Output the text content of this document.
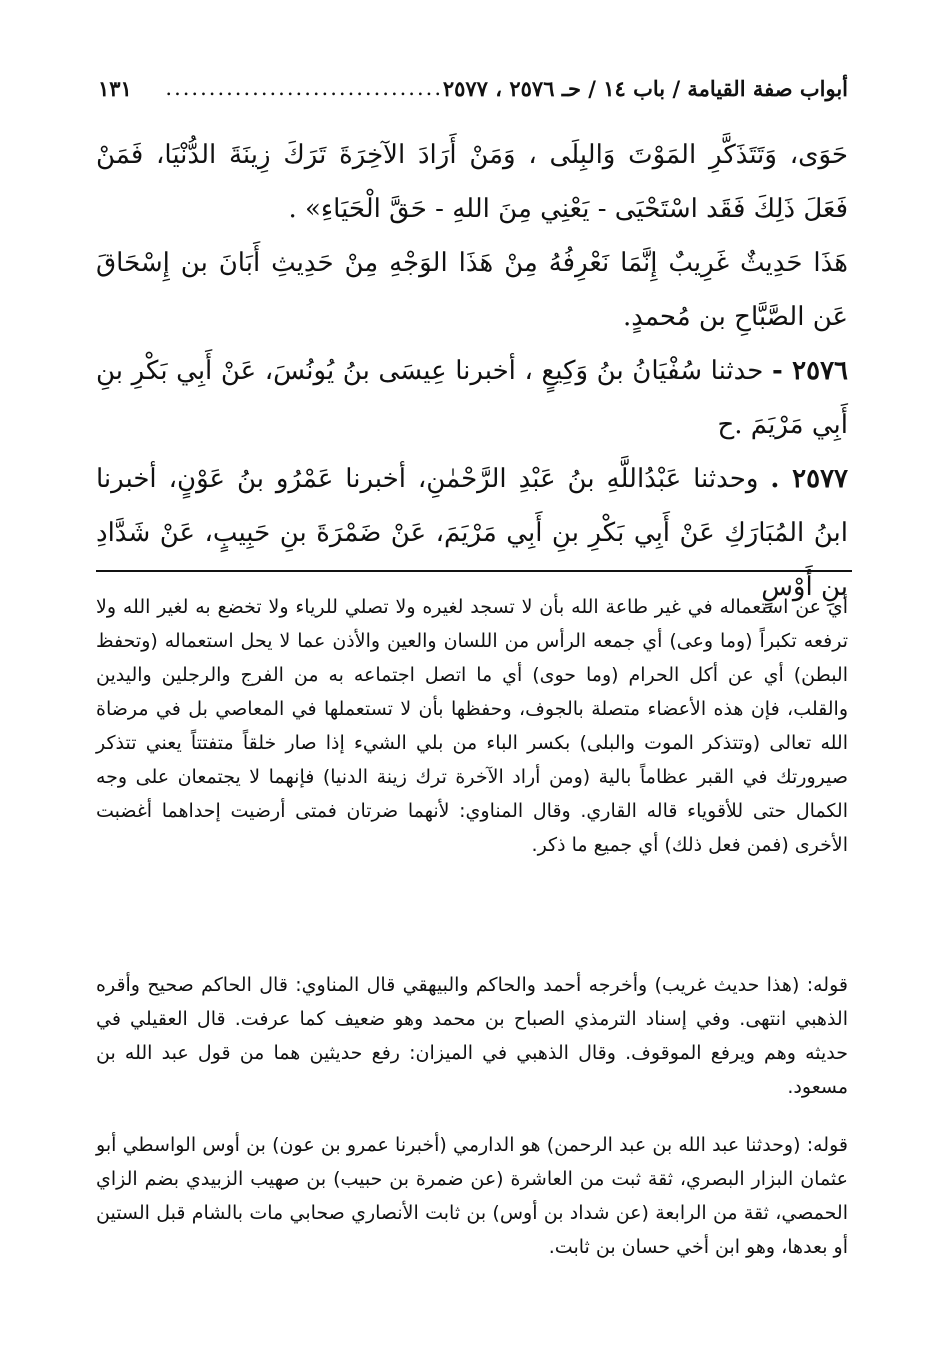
أبواب صفة القيامة / باب ١٤ / حـ ٢٥٧٦ ، ٢٥٧٧
................................
١٣١

حَوَى، وَتَتَذَكَّرِ المَوْتَ وَالبِلَى ، وَمَنْ أَرَادَ الآخِرَةَ تَرَكَ زِينَةَ الدُّنْيَا، فَمَنْ فَعَلَ ذَلِكَ فَقَد اسْتَحْيَى - يَعْنِي مِنَ اللهِ - حَقَّ الْحَيَاءِ» .

هَذَا حَدِيثٌ غَرِيبٌ إِنَّمَا نَعْرِفُهُ مِنْ هَذَا الوَجْهِ مِنْ حَدِيثِ أَبَانَ بن إِسْحَاقَ عَن الصَّبَّاحِ بن مُحمدٍ.

٢٥٧٦ - حدثنا سُفْيَانُ بنُ وَكِيعٍ ، أخبرنا عِيسَى بنُ يُونُسَ، عَنْ أَبِي بَكْرِ بنِ أَبِي مَرْيَمَ .ح

٢٥٧٧ . وحدثنا عَبْدُاللَّهِ بنُ عَبْدِ الرَّحْمٰنِ، أخبرنا عَمْرُو بنُ عَوْنٍ، أخبرنا ابنُ المُبَارَكِ عَنْ أَبِي بَكْرِ بنِ أَبِي مَرْيَمَ، عَنْ ضَمْرَةَ بنِ حَبِيبٍ، عَنْ شَدَّادِ بنِ أَوْسٍ

أي عن استعماله في غير طاعة الله بأن لا تسجد لغيره ولا تصلي للرياء ولا تخضع به لغير الله ولا ترفعه تكبراً (وما وعى) أي جمعه الرأس من اللسان والعين والأذن عما لا يحل استعماله (وتحفظ البطن) أي عن أكل الحرام (وما حوى) أي ما اتصل اجتماعه به من الفرج والرجلين واليدين والقلب، فإن هذه الأعضاء متصلة بالجوف، وحفظها بأن لا تستعملها في المعاصي بل في مرضاة الله تعالى (وتتذكر الموت والبلى) بكسر الباء من بلي الشيء إذا صار خلقاً متفتتاً يعني تتذكر صيرورتك في القبر عظاماً بالية (ومن أراد الآخرة ترك زينة الدنيا) فإنهما لا يجتمعان على وجه الكمال حتى للأقوياء قاله القاري. وقال المناوي: لأنهما ضرتان فمتى أرضيت إحداهما أغضبت الأخرى (فمن فعل ذلك) أي جميع ما ذكر.

قوله: (هذا حديث غريب) وأخرجه أحمد والحاكم والبيهقي قال المناوي: قال الحاكم صحيح وأقره الذهبي انتهى. وفي إسناد الترمذي الصباح بن محمد وهو ضعيف كما عرفت. قال العقيلي في حديثه وهم ويرفع الموقوف. وقال الذهبي في الميزان: رفع حديثين هما من قول عبد الله بن مسعود.

قوله: (وحدثنا عبد الله بن عبد الرحمن) هو الدارمي (أخبرنا عمرو بن عون) بن أوس الواسطي أبو عثمان البزار البصري، ثقة ثبت من العاشرة (عن ضمرة بن حبيب) بن صهيب الزبيدي بضم الزاي الحمصي، ثقة من الرابعة (عن شداد بن أوس) بن ثابت الأنصاري صحابي مات بالشام قبل الستين أو بعدها، وهو ابن أخي حسان بن ثابت.
